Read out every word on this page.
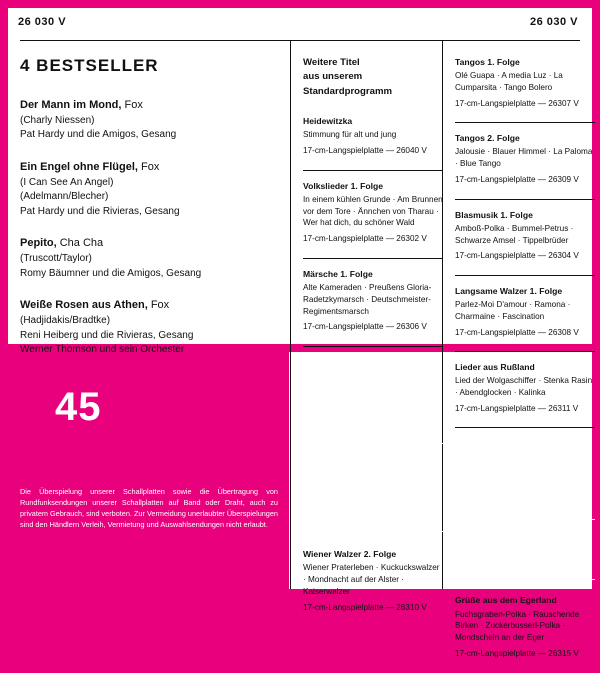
26 030 V	26 030 V
4 BESTSELLER
Der Mann im Mond, Fox
(Charly Niessen)
Pat Hardy und die Amigos, Gesang
Ein Engel ohne Flügel, Fox
(I Can See An Angel)
(Adelmann/Blecher)
Pat Hardy und die Rivieras, Gesang
Pepito, Cha Cha
(Truscott/Taylor)
Romy Bäumner und die Amigos, Gesang
Weiße Rosen aus Athen, Fox
(Hadjidakis/Bradtke)
Reni Heiberg und die Rivieras, Gesang
Werner Thomson und sein Orchester
45
Die Überspielung unserer Schallplatten sowie die Übertragung von Rundfunksendungen unserer Schallplatten auf Band oder Draht, auch zu privatem Gebrauch, sind verboten. Zur Vermeidung unerlaubter Überspielungen sind den Händlern Verleih, Vermietung und Auswahlsendungen nicht erlaubt.
Weitere Titel
aus unserem
Standardprogramm
Heidewitzka
Stimmung für alt und jung
17-cm-Langspielplatte — 26040 V
Volkslieder 1. Folge
In einem kühlen Grunde · Am Brunnen vor dem Tore · Ännchen von Tharau · Wer hat dich, du schöner Wald
17-cm-Langspielplatte — 26302 V
Märsche 1. Folge
Alte Kameraden · Preußens Gloria-Radetzkymarsch · Deutschmeister-Regimentsmarsch
17-cm-Langspielplatte — 26306 V
Märsche 2. Folge
Der Hohenfriedberger Marsch · Der Königgrätzer Marsch · Pan-Berliner Bettermarsch · Fridericus Rex
17-cm-Langspielplatte — 26303 V
Wiener Walzer 1. Folge
Wiener Blut · G'schichten aus dem Wienerwald · Rosen aus dem Süden · An der schönen blauen Donau
17-cm-Langspielplatte — 26309 V
Wiener Walzer 2. Folge
Wiener Praterleben · Kuckuckswalzer · Mondnacht auf der Alster · Kaiserwalzer
17-cm-Langspielplatte — 26310 V
Tangos 1. Folge
Olé Guapa · A media Luz · La Cumparsita · Tango Bolero
17-cm-Langspielplatte — 26307 V
Tangos 2. Folge
Jalousie · Blauer Himmel · La Paloma · Blue Tango
17-cm-Langspielplatte — 26309 V
Blasmusik 1. Folge
Amboß-Polka · Bummel-Petrus · Schwarze Amsel · Tippelbrüder
17-cm-Langspielplatte — 26304 V
Langsame Walzer 1. Folge
Parlez-Moi D'amour · Ramona · Charmaine · Fascination
17-cm-Langspielplatte — 26308 V
Lieder aus Rußland
Lied der Wolgaschiffer · Stenka Rasin · Abendglocken · Kalinka
17-cm-Langspielplatte — 26311 V
Grüße aus den Bergen
Erzherzog-Johann-Jodler · Der Kuckuck · Der Schwanthalerhöher Ländler · Der Weg zum Herzen
17-cm-Langspielplatte — 26312 V
Fröhliche Harmonika
Hückepack · Rosamonde · Im Gänsemarsch · Weltenbummler
Grüße aus dem Egerland
Fuchsgraben-Polka · Rauschende Birken · Zuckerbusserl-Polka · Mondschein an der Eger
17-cm-Langspielplatte — 26315 V
